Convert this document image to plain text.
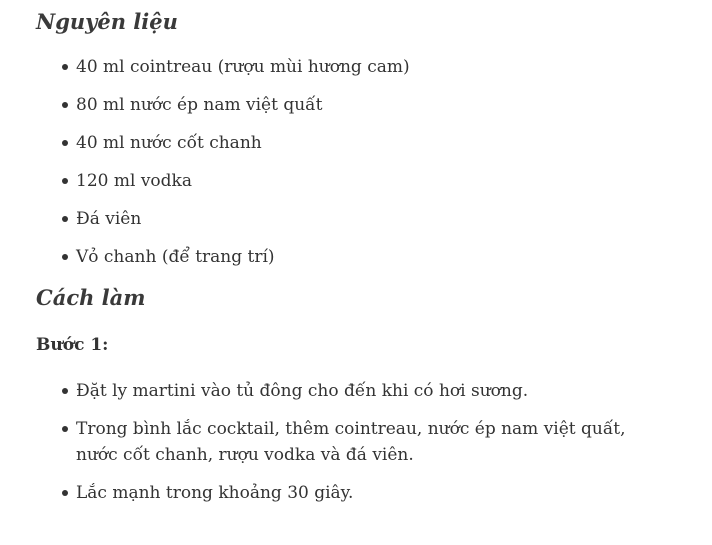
Nguyên liệu
40 ml cointreau (rượu mùi hương cam)
80 ml nước ép nam việt quất
40 ml nước cốt chanh
120 ml vodka
Đá viên
Vỏ chanh (để trang trí)
Cách làm

Bước 1:

Đặt ly martini vào tủ đông cho đến khi có hơi sương.
Trong bình lắc cocktail, thêm cointreau, nước ép nam việt quất, nước cốt chanh, rượu vodka và đá viên.
Lắc mạnh trong khoảng 30 giây.
